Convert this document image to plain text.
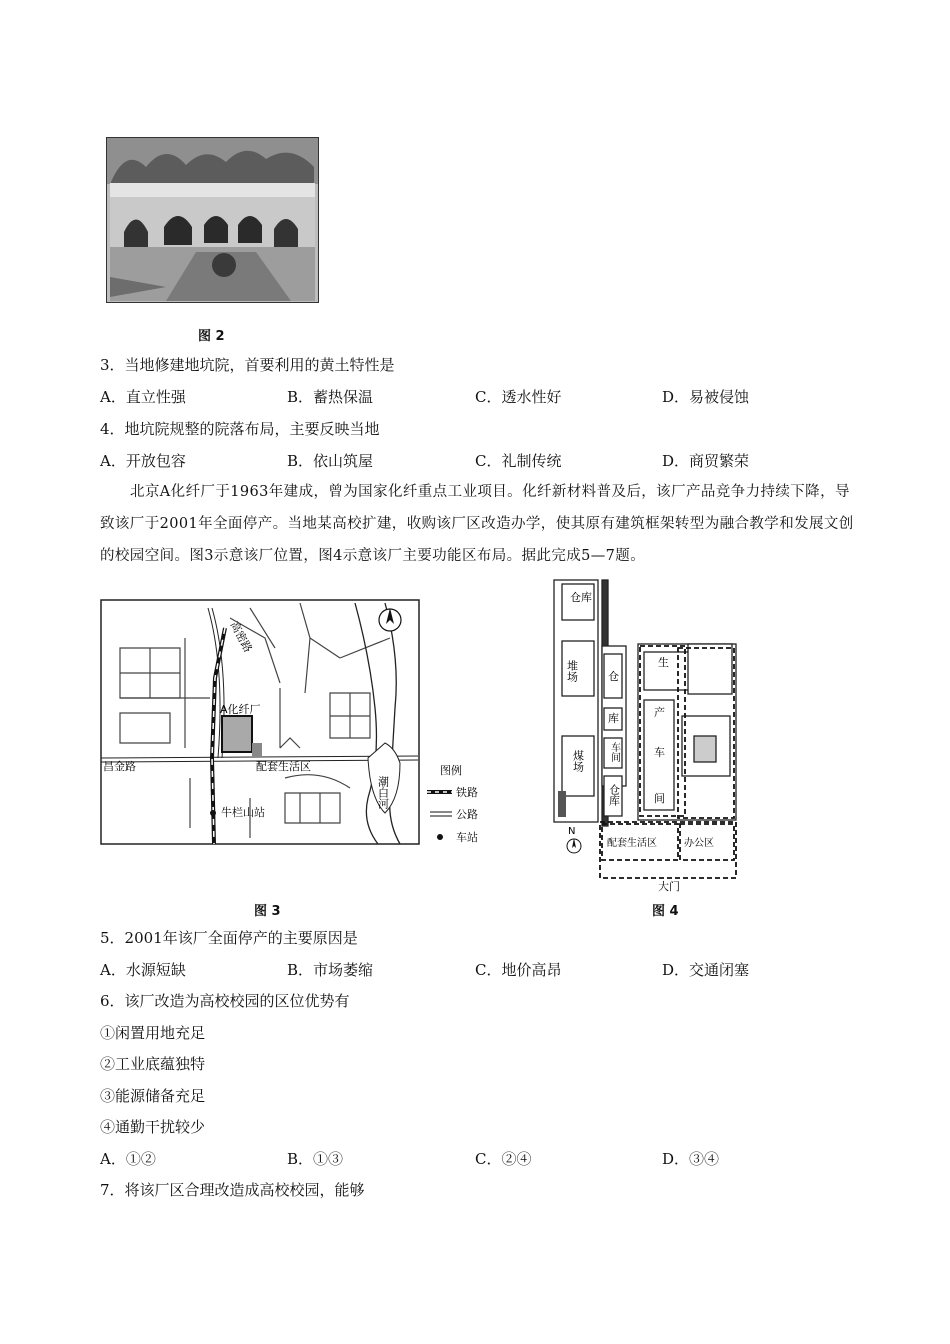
图 2
3．当地修建地坑院，首要利用的黄土特性是
A．直立性强	B．蓄热保温	C．透水性好	D．易被侵蚀
4．地坑院规整的院落布局，主要反映当地
A．开放包容	B．依山筑屋	C．礼制传统	D．商贸繁荣
北京A化纤厂于1963年建成，曾为国家化纤重点工业项目。化纤新材料普及后，该厂产品竞争力持续下降，导致该厂于2001年全面停产。当地某高校扩建，收购该厂区改造办学，使其原有建筑框架转型为融合教学和发展文创的校园空间。图3示意该厂位置，图4示意该厂主要功能区布局。据此完成5—7题。
高密路
A化纤厂
昌金路	配套生活区
潮白河
牛栏山站
图例
铁路
公路
车站
图 3
仓库
堆场
煤场
仓
库
车间
仓库
生
产
车
间
配套生活区	办公区
大门
N
图 4
5．2001年该厂全面停产的主要原因是
A．水源短缺	B．市场萎缩	C．地价高昂	D．交通闭塞
6．该厂改造为高校校园的区位优势有
①闲置用地充足
②工业底蕴独特
③能源储备充足
④通勤干扰较少
A．①②	B．①③	C．②④	D．③④
7．将该厂区合理改造成高校校园，能够
